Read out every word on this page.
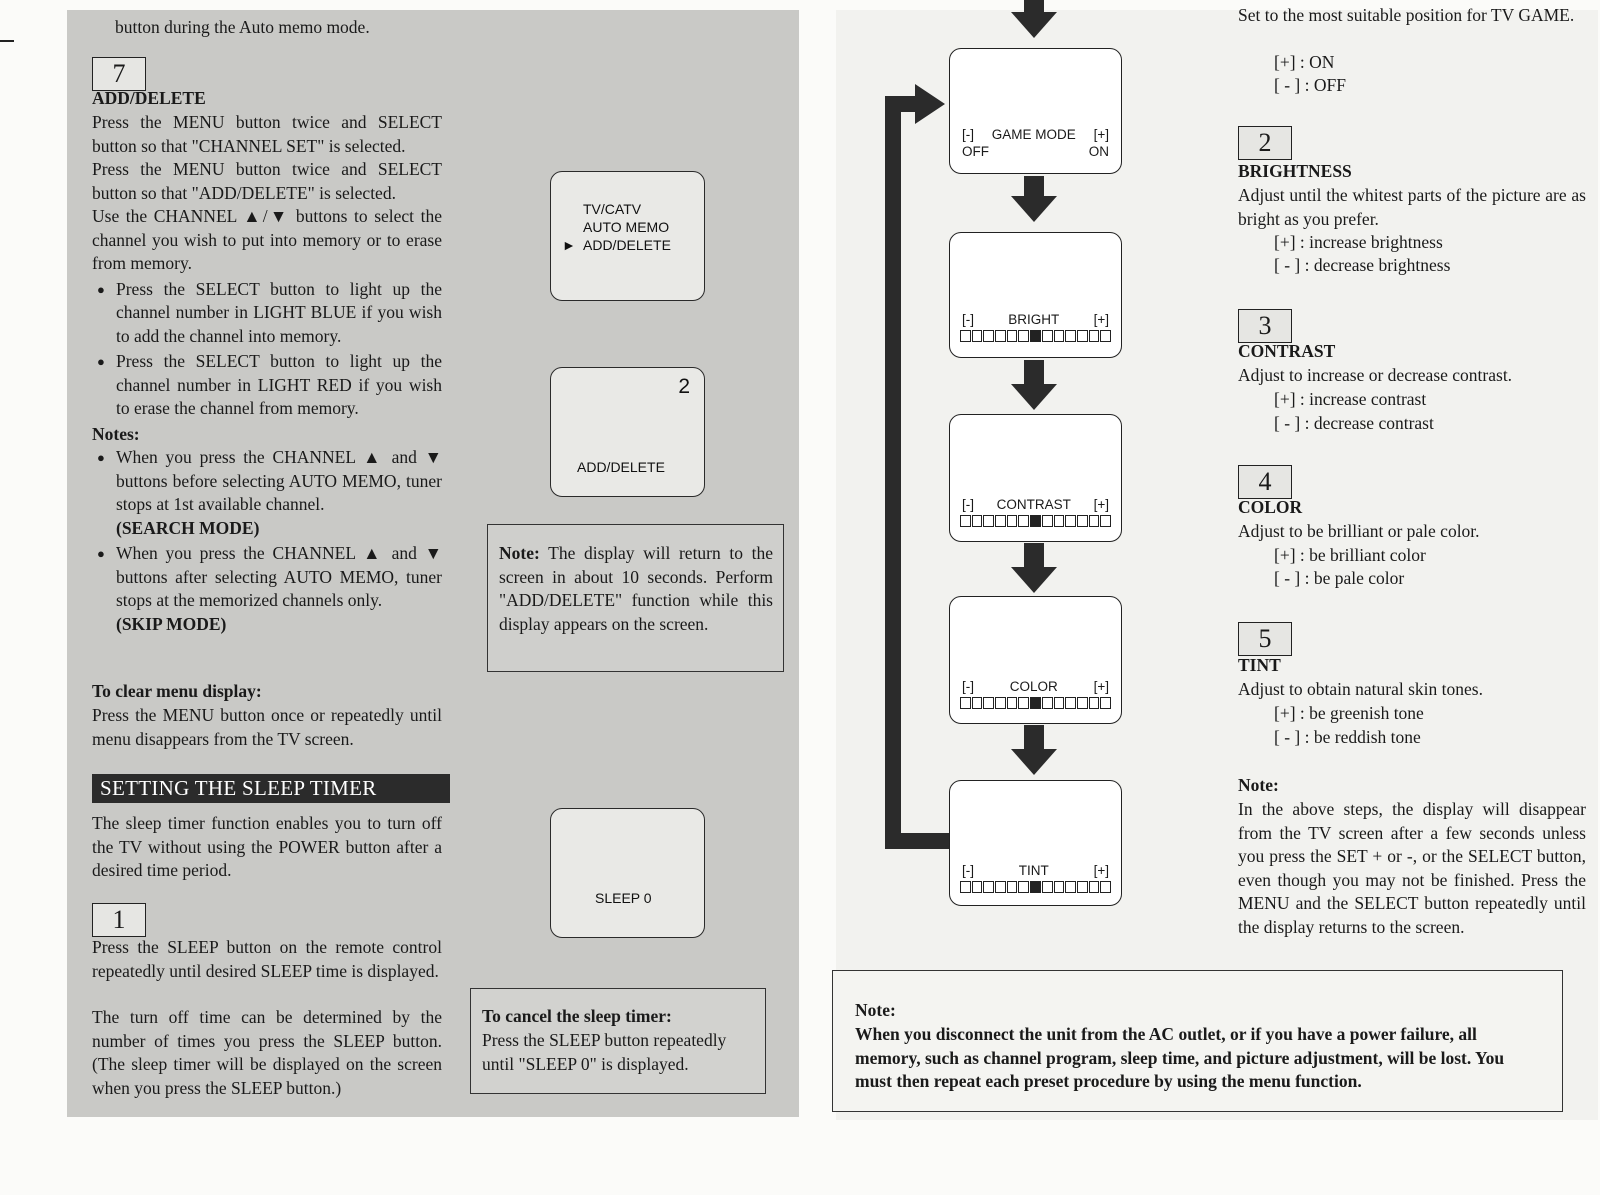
button during the Auto memo mode.
7
ADD/DELETE
Press the MENU button twice and SELECT button so that "CHANNEL SET" is selected.
Press the MENU button twice and SELECT button so that "ADD/DELETE" is selected.
Use the CHANNEL ▲/▼ buttons to select the channel you wish to put into memory or to erase from memory.
● Press the SELECT button to light up the channel number in LIGHT BLUE if you wish to add the channel into memory.
● Press the SELECT button to light up the channel number in LIGHT RED if you wish to erase the channel from memory.
Notes:
● When you press the CHANNEL ▲ and ▼ buttons before selecting AUTO MEMO, tuner stops at 1st available channel.
(SEARCH MODE)
● When you press the CHANNEL ▲ and ▼ buttons after selecting AUTO MEMO, tuner stops at the memorized channels only.
(SKIP MODE)
To clear menu display:
Press the MENU button once or repeatedly until menu disappears from the TV screen.
SETTING THE SLEEP TIMER
The sleep timer function enables you to turn off the TV without using the POWER button after a desired time period.
1
Press the SLEEP button on the remote control repeatedly until desired SLEEP time is displayed.
The turn off time can be determined by the number of times you press the SLEEP button. (The sleep timer will be displayed on the screen when you press the SLEEP button.)
TV/CATV
AUTO MEMO
► ADD/DELETE
2
ADD/DELETE
Note: The display will return to the screen in about 10 seconds. Perform "ADD/DELETE" function while this display appears on the screen.
SLEEP 0
To cancel the sleep timer:
Press the SLEEP button repeatedly until "SLEEP 0" is displayed.
[-] GAME MODE [+]
OFF	ON
[-]	BRIGHT	[+]
[-] CONTRAST [+]
[-]	COLOR	[+]
[-]	TINT	[+]
Set to the most suitable position for TV GAME.
[+] : ON
[ - ] : OFF
2
BRIGHTNESS
Adjust until the whitest parts of the picture are as bright as you prefer.
[+] : increase brightness
[ - ] : decrease brightness
3
CONTRAST
Adjust to increase or decrease contrast.
[+] : increase contrast
[ - ] : decrease contrast
4
COLOR
Adjust to be brilliant or pale color.
[+] : be brilliant color
[ - ] : be pale color
5
TINT
Adjust to obtain natural skin tones.
[+] : be greenish tone
[ - ] : be reddish tone
Note:
In the above steps, the display will disappear from the TV screen after a few seconds unless you press the SET + or -, or the SELECT button, even though you may not be finished. Press the MENU and the SELECT button repeatedly until the display returns to the screen.
Note:
When you disconnect the unit from the AC outlet, or if you have a power failure, all memory, such as channel program, sleep time, and picture adjustment, will be lost. You must then repeat each preset procedure by using the menu function.
